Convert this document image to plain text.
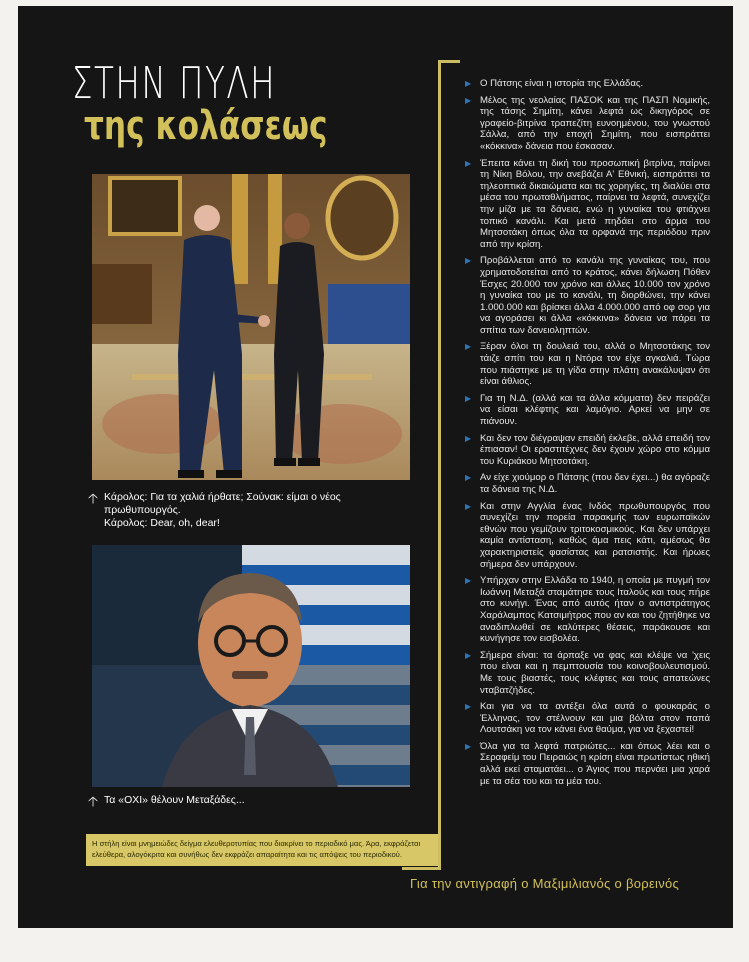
ΣΤΗΝ ΠΥΛΗ
της κολάσεως
🡡 Κάρολος: Για τα χαλιά ήρθατε; Σούνακ: είμαι ο νέος πρωθυπουργός.
Κάρολος: Dear, oh, dear!
🡡 Τα «ΟΧΙ» θέλουν Μεταξάδες...
Η στήλη είναι μνημειώδες δείγμα ελευθεροτυπίας που διακρίνει το περιοδικό μας. Άρα, εκφράζεται ελεύθερα, αλογόκριτα και συνήθως δεν εκφράζει απαραίτητα και τις απόψεις του περιοδικού.
▶ Ο Πάτσης είναι η ιστορία της Ελλάδας.
▶ Μέλος της νεολαίας ΠΑΣΟΚ και της ΠΑΣΠ Νομικής, της τάσης Σημίτη, κάνει λεφτά ως δικηγόρος σε γραφείο-βιτρίνα τραπεζίτη ευνοημένου, του γνωστού Σάλλα, από την εποχή Σημίτη, που εισπράττει «κόκκινα» δάνεια που έσκασαν.
▶ Έπειτα κάνει τη δική του προσωπική βιτρίνα, παίρνει τη Νίκη Βόλου, την ανεβάζει Α' Εθνική, εισπράττει τα τηλεοπτικά δικαιώματα και τις χορηγίες, τη διαλύει στα μέσα του πρωταθλήματος, παίρνει τα λεφτά, συνεχίζει την μίζα με τα δάνεια, ενώ η γυναίκα του φτιάχνει τοπικό κανάλι. Και μετά πηδάει στο άρμα του Μητσοτάκη όπως όλα τα ορφανά της περιόδου πριν από την κρίση.
▶ Προβάλλεται από το κανάλι της γυναίκας του, που χρηματοδοτείται από το κράτος, κάνει δήλωση Πόθεν Έσχες 20.000 τον χρόνο και άλλες 10.000 τον χρόνο η γυναίκα του με το κανάλι, τη διορθώνει, την κάνει 1.000.000 και βρίσκει άλλα 4.000.000 από οφ σορ για να αγοράσει κι άλλα «κόκκινα» δάνεια να πάρει τα σπίτια των δανειοληπτών.
▶ Ξέραν όλοι τη δουλειά του, αλλά ο Μητσοτάκης τον τάιζε σπίτι του και η Ντόρα τον είχε αγκαλιά. Τώρα που πιάστηκε με τη γίδα στην πλάτη ανακάλυψαν ότι είναι άθλιος.
▶ Για τη Ν.Δ. (αλλά και τα άλλα κόμματα) δεν πειράζει να είσαι κλέφτης και λαμόγιο. Αρκεί να μην σε πιάνουν.
▶ Και δεν τον διέγραψαν επειδή έκλεβε, αλλά επειδή τον έπιασαν! Οι εραστιτέχνες δεν έχουν χώρο στο κόμμα του Κυριάκου Μητσοτάκη.
▶ Αν είχε χιούμορ ο Πάτσης (που δεν έχει...) θα αγόραζε τα δάνεια της Ν.Δ.
▶ Και στην Αγγλία ένας Ινδός πρωθυπουργός που συνεχίζει την πορεία παρακμής των ευρωπαϊκών εθνών που γεμίζουν τριτοκοσμικούς. Και δεν υπάρχει καμία αντίσταση, καθώς άμα πεις κάτι, αμέσως θα χαρακτηριστείς φασίστας και ρατσιστής. Και ήρωες σήμερα δεν υπάρχουν.
▶ Υπήρχαν στην Ελλάδα το 1940, η οποία με πυγμή τον Ιωάννη Μεταξά σταμάτησε τους Ιταλούς και τους πήρε στο κυνήγι. Ένας από αυτός ήταν ο αντιστράτηγος Χαράλαμπος Κατσιμήτρος που αν και του ζητήθηκε να αναδιπλωθεί σε καλύτερες θέσεις, παράκουσε και κυνήγησε τον εισβολέα.
▶ Σήμερα είναι: τα άρπαξε να φας και κλέψε να 'χεις που είναι και η πεμπτουσία του κοινοβουλευτισμού. Με τους βιαστές, τους κλέφτες και τους απατεώνες νταβατζήδες.
▶ Και για να τα αντέξει όλα αυτά ο φουκαράς ο Έλληνας, τον στέλνουν και μια βόλτα στον παπά Λουτσάκη να τον κάνει ένα θαύμα, για να ξεχαστεί!
▶ Όλα για τα λεφτά πατριώτες... και όπως λέει και ο Σεραφείμ του Πειραιώς η κρίση είναι πρωτίστως ηθική αλλά εκεί σταματάει... ο Άγιος που περνάει μια χαρά με τα σέα του και τα μέα του.
Για την αντιγραφή ο Μαξιμιλιανός ο βορεινός
